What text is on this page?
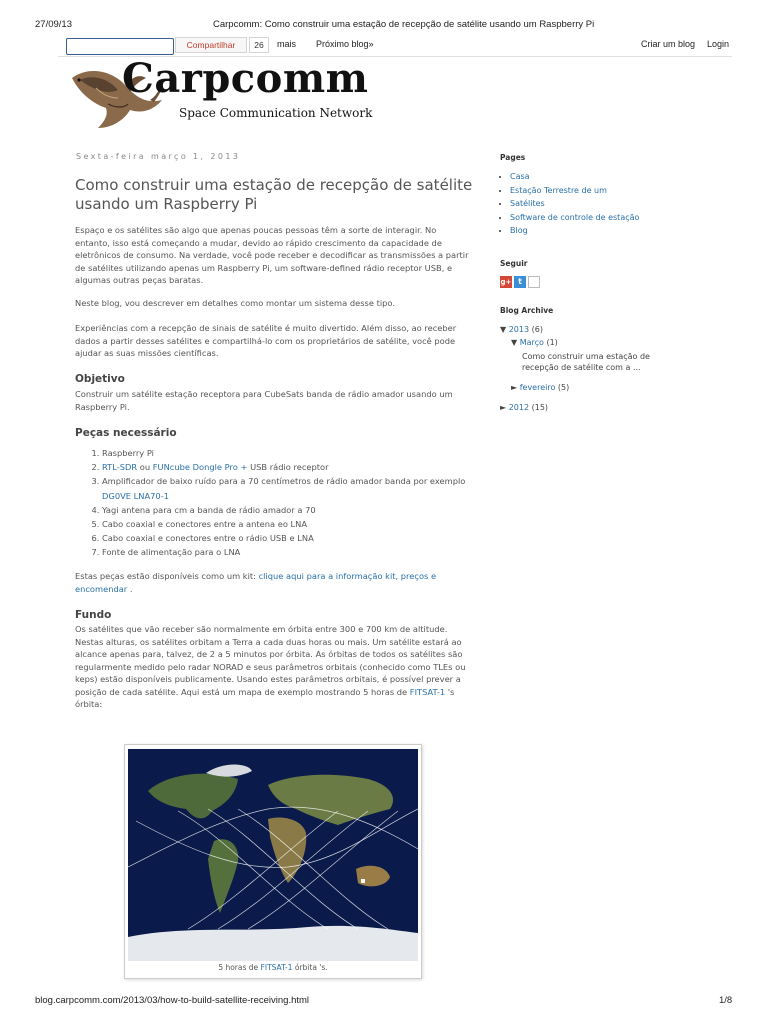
27/09/13	Carpcomm: Como construir uma estação de recepção de satélite usando um Raspberry Pi
Compartilhar	26	mais Próximo blog»	Criar um blog Login
Carpcomm
Space Communication Network
Sexta-feira março 1, 2013
Como construir uma estação de recepção de satélite usando um Raspberry Pi
Espaço e os satélites são algo que apenas poucas pessoas têm a sorte de interagir. No entanto, isso está começando a mudar, devido ao rápido crescimento da capacidade de eletrônicos de consumo. Na verdade, você pode receber e decodificar as transmissões a partir de satélites utilizando apenas um Raspberry Pi, um software-defined rádio receptor USB, e algumas outras peças baratas.
Neste blog, vou descrever em detalhes como montar um sistema desse tipo.
Experiências com a recepção de sinais de satélite é muito divertido. Além disso, ao receber dados a partir desses satélites e compartilhá-lo com os proprietários de satélite, você pode ajudar as suas missões científicas.
Objetivo
Construir um satélite estação receptora para CubeSats banda de rádio amador usando um Raspberry Pi.
Peças necessário
1. Raspberry Pi
2. RTL-SDR ou FUNcube Dongle Pro + USB rádio receptor
3. Amplificador de baixo ruído para a 70 centímetros de rádio amador banda por exemplo DG0VE LNA70-1
4. Yagi antena para cm a banda de rádio amador a 70
5. Cabo coaxial e conectores entre a antena eo LNA
6. Cabo coaxial e conectores entre o rádio USB e LNA
7. Fonte de alimentação para o LNA
Estas peças estão disponíveis como um kit: clique aqui para a informação kit, preços e encomendar .
Fundo
Os satélites que vão receber são normalmente em órbita entre 300 e 700 km de altitude. Nestas alturas, os satélites orbitam a Terra a cada duas horas ou mais. Um satélite estará ao alcance apenas para, talvez, de 2 a 5 minutos por órbita. As órbitas de todos os satélites são regularmente medido pelo radar NORAD e seus parâmetros orbitais (conhecido como TLEs ou keps) estão disponíveis publicamente. Usando estes parâmetros orbitais, é possível prever a posição de cada satélite. Aqui está um mapa de exemplo mostrando 5 horas de FITSAT-1 's órbita:
5 horas de FITSAT-1 órbita 's.
Pages
• Casa
• Estação Terrestre de um
• Satélites
• Software de controle de estação
• Blog
Seguir
g+ t
Blog Archive
▼ 2013 (6)
▼ Março (1)
Como construir uma estação de recepção de satélite com a ...
► fevereiro (5)
► 2012 (15)
blog.carpcomm.com/2013/03/how-to-build-satellite-receiving.html	1/8
